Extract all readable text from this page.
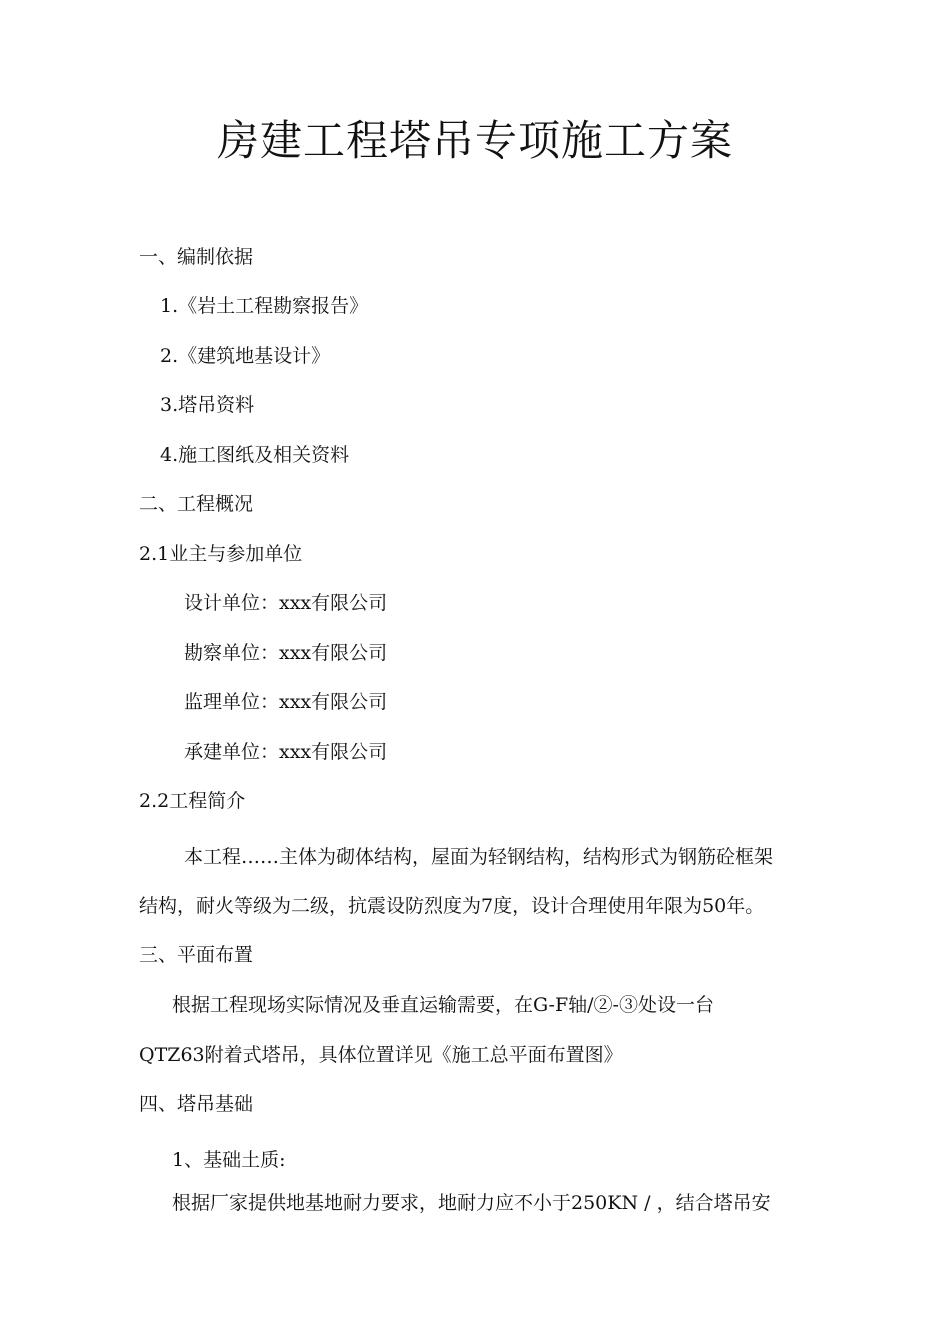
房建工程塔吊专项施工方案

一、编制依据

1.《岩土工程勘察报告》

2.《建筑地基设计》

3.塔吊资料

4.施工图纸及相关资料

二、工程概况

2.1业主与参加单位

设计单位：xxx有限公司

勘察单位：xxx有限公司

监理单位：xxx有限公司

承建单位：xxx有限公司

2.2工程简介

本工程……主体为砌体结构，屋面为轻钢结构，结构形式为钢筋砼框架

结构，耐火等级为二级，抗震设防烈度为7度，设计合理使用年限为50年。

三、平面布置

根据工程现场实际情况及垂直运输需要，在G-F轴/②-③处设一台

QTZ63附着式塔吊，具体位置详见《施工总平面布置图》

四、塔吊基础

1、基础土质:

根据厂家提供地基地耐力要求，地耐力应不小于250KN / ，结合塔吊安
